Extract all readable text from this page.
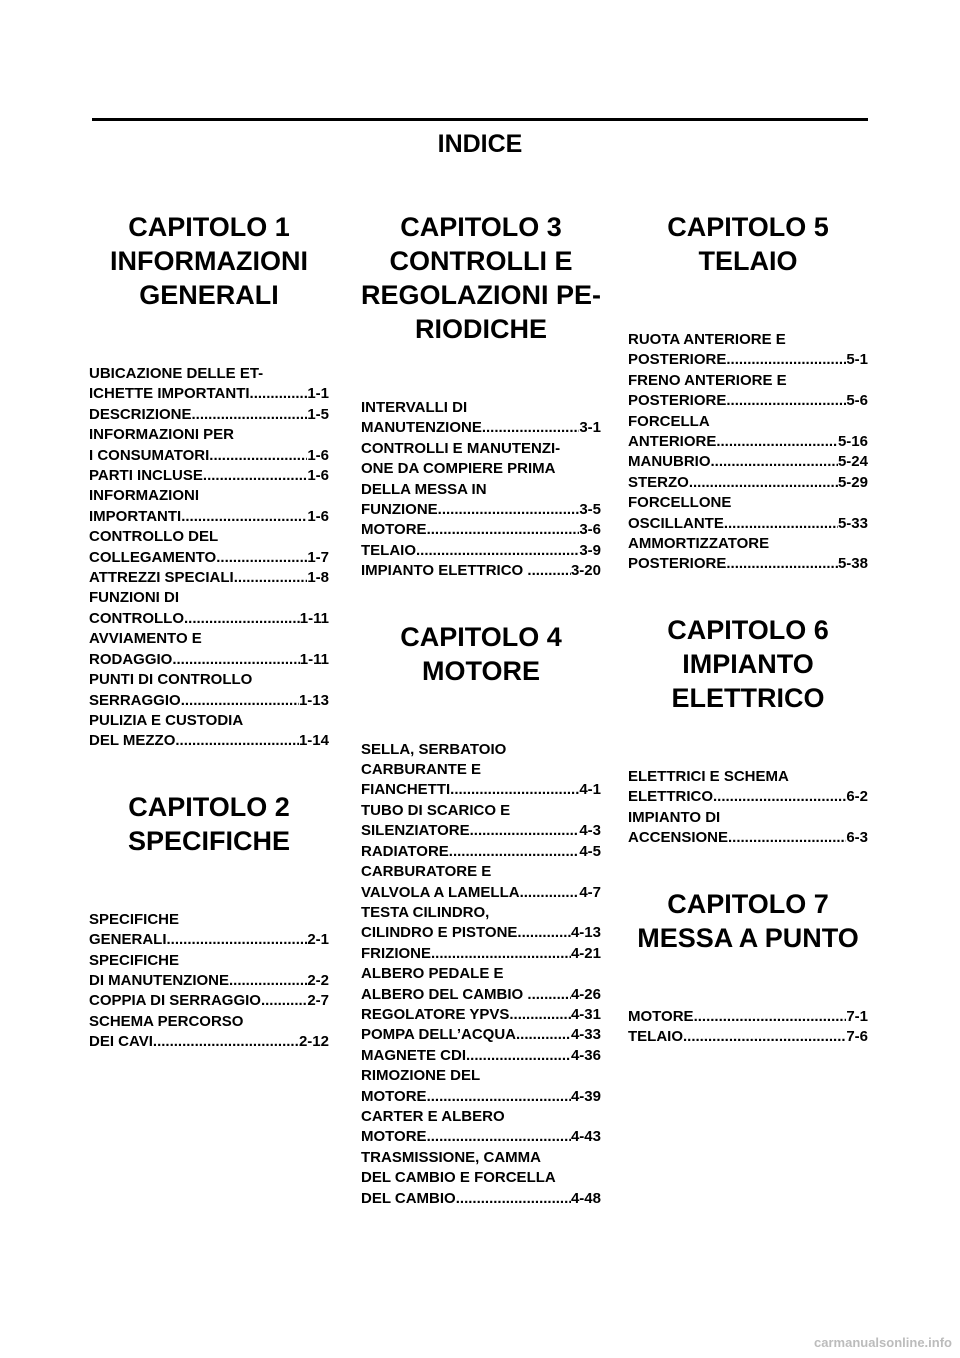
INDICE
CAPITOLO 1
INFORMAZIONI
GENERALI
UBICAZIONE DELLE ET-
ICHETTE IMPORTANTI .....	1-1
DESCRIZIONE .....	1-5
INFORMAZIONI PER
I CONSUMATORI .....	1-6
PARTI INCLUSE .....	1-6
INFORMAZIONI
IMPORTANTI .....	1-6
CONTROLLO DEL
COLLEGAMENTO .....	1-7
ATTREZZI SPECIALI .....	1-8
FUNZIONI DI
CONTROLLO .....	1-11
AVVIAMENTO E
RODAGGIO .....	1-11
PUNTI DI CONTROLLO
SERRAGGIO .....	1-13
PULIZIA E CUSTODIA
DEL MEZZO .....	1-14
CAPITOLO 2
SPECIFICHE
SPECIFICHE
GENERALI .....	2-1
SPECIFICHE
DI MANUTENZIONE .....	2-2
COPPIA DI SERRAGGIO. .....	2-7
SCHEMA PERCORSO
DEI CAVI .....	2-12
CAPITOLO 3
CONTROLLI E
REGOLAZIONI PE-
RIODICHE
INTERVALLI DI
MANUTENZIONE .....	3-1
CONTROLLI E MANUTENZI-
ONE DA COMPIERE PRIMA
DELLA MESSA IN
FUNZIONE .....	3-5
MOTORE .....	3-6
TELAIO .....	3-9
IMPIANTO ELETTRICO . .....	3-20
CAPITOLO 4
MOTORE
SELLA, SERBATOIO
CARBURANTE E
FIANCHETTI .....	4-1
TUBO DI SCARICO E
SILENZIATORE .....	4-3
RADIATORE .....	4-5
CARBURATORE E
VALVOLA A LAMELLA .....	4-7
TESTA CILINDRO,
CILINDRO E PISTONE .....	4-13
FRIZIONE .....	4-21
ALBERO PEDALE E
ALBERO DEL CAMBIO . .....	4-26
REGOLATORE YPVS .....	4-31
POMPA DELL’ACQUA .....	4-33
MAGNETE CDI .....	4-36
RIMOZIONE DEL
MOTORE .....	4-39
CARTER E ALBERO
MOTORE .....	4-43
TRASMISSIONE, CAMMA
DEL CAMBIO E FORCELLA
DEL CAMBIO .....	4-48
CAPITOLO 5
TELAIO
RUOTA ANTERIORE E
POSTERIORE .....	5-1
FRENO ANTERIORE E
POSTERIORE .....	5-6
FORCELLA
ANTERIORE .....	5-16
MANUBRIO .....	5-24
STERZO .....	5-29
FORCELLONE
OSCILLANTE .....	5-33
AMMORTIZZATORE
POSTERIORE .....	5-38
CAPITOLO 6
IMPIANTO
ELETTRICO
ELETTRICI E SCHEMA
ELETTRICO .....	6-2
IMPIANTO DI
ACCENSIONE .....	6-3
CAPITOLO 7
MESSA A PUNTO
MOTORE .....	7-1
TELAIO .....	7-6
carmanualsonline.info
